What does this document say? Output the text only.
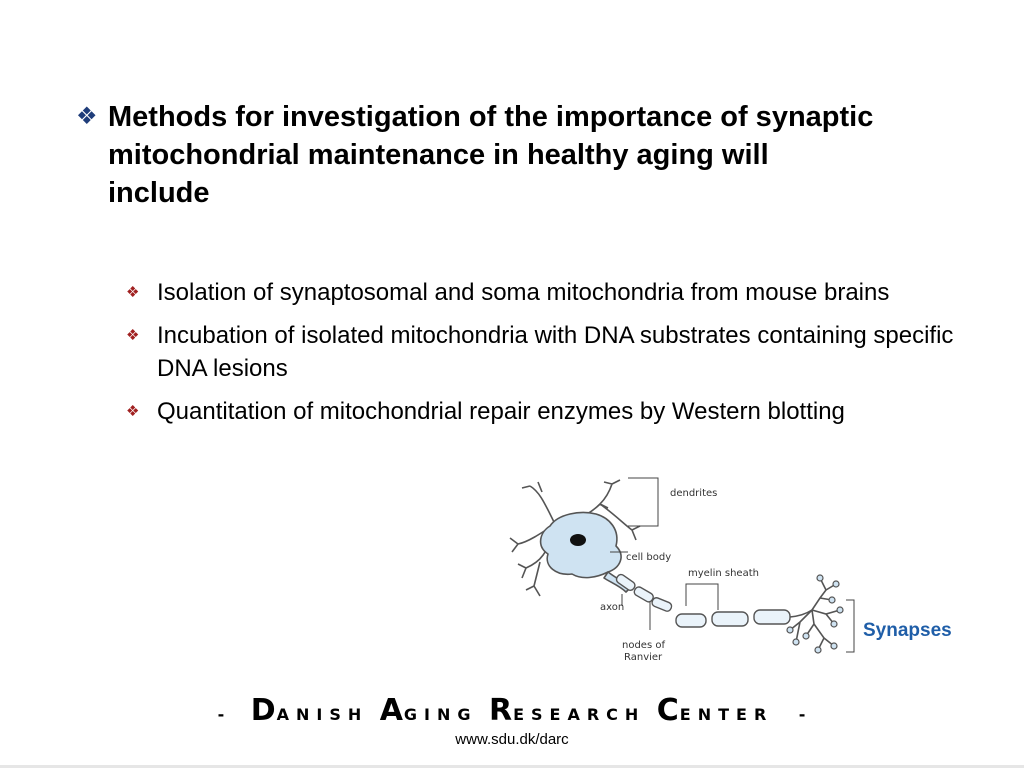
❖ Methods for investigation of the importance of synaptic mitochondrial maintenance in healthy aging will include
❖ Isolation of synaptosomal and soma mitochondria from mouse brains
❖ Incubation of isolated mitochondria with DNA substrates containing specific DNA lesions
❖ Quantitation of mitochondrial repair enzymes by Western blotting
dendrites
cell body
myelin sheath
axon
nodes of
Ranvier
Synapses
- DANISH AGING RESEARCH CENTER -
www.sdu.dk/darc
